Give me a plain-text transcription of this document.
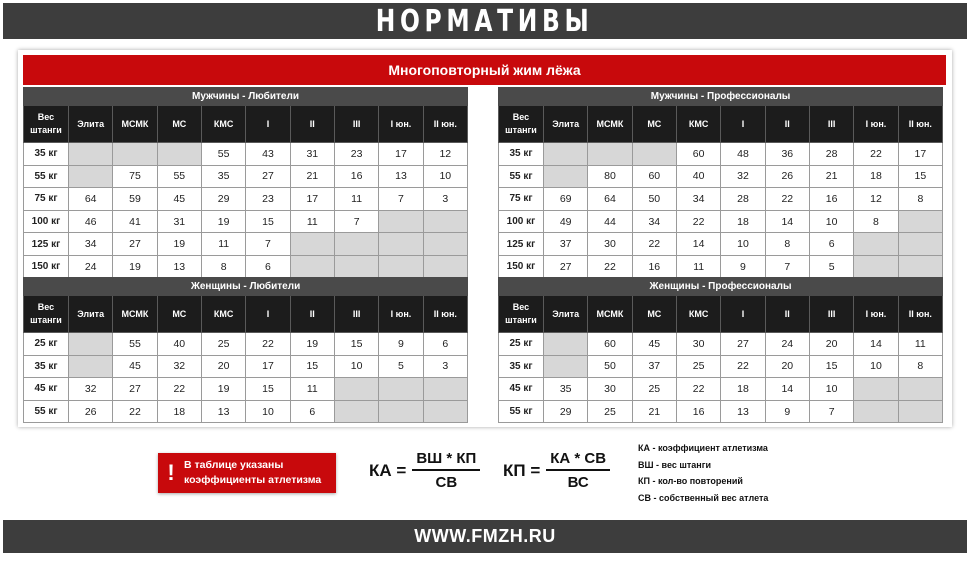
НОРМАТИВЫ
Многоповторный жим лёжа
Мужчины - Любители									
Вес
штанги	Элита	МСМК	МС	КМС	I	II	III	I юн.	II юн.
35 кг				55	43	31	23	17	12
55 кг		75	55	35	27	21	16	13	10
75 кг	64	59	45	29	23	17	11	7	3
100 кг	46	41	31	19	15	11	7		
125 кг	34	27	19	11	7				
150 кг	24	19	13	8	6				
Мужчины - Профессионалы									
Вес
штанги	Элита	МСМК	МС	КМС	I	II	III	I юн.	II юн.
35 кг				60	48	36	28	22	17
55 кг		80	60	40	32	26	21	18	15
75 кг	69	64	50	34	28	22	16	12	8
100 кг	49	44	34	22	18	14	10	8	
125 кг	37	30	22	14	10	8	6		
150 кг	27	22	16	11	9	7	5		
Женщины - Любители									
Вес
штанги	Элита	МСМК	МС	КМС	I	II	III	I юн.	II юн.
25 кг		55	40	25	22	19	15	9	6
35 кг		45	32	20	17	15	10	5	3
45 кг	32	27	22	19	15	11			
55 кг	26	22	18	13	10	6			
Женщины - Профессионалы									
Вес
штанги	Элита	МСМК	МС	КМС	I	II	III	I юн.	II юн.
25 кг		60	45	30	27	24	20	14	11
35 кг		50	37	25	22	20	15	10	8
45 кг	35	30	25	22	18	14	10		
55 кг	29	25	21	16	13	9	7		
! В таблице указаны
коэффициенты атлетизма
КА = $\frac{ВШ * КП}{СВ}$ КП = $\frac{КА * СВ}{ВС}$
КА - коэффициент атлетизма
ВШ - вес штанги
КП - кол-во повторений
СВ - собственный вес атлета
WWW.FMZH.RU
